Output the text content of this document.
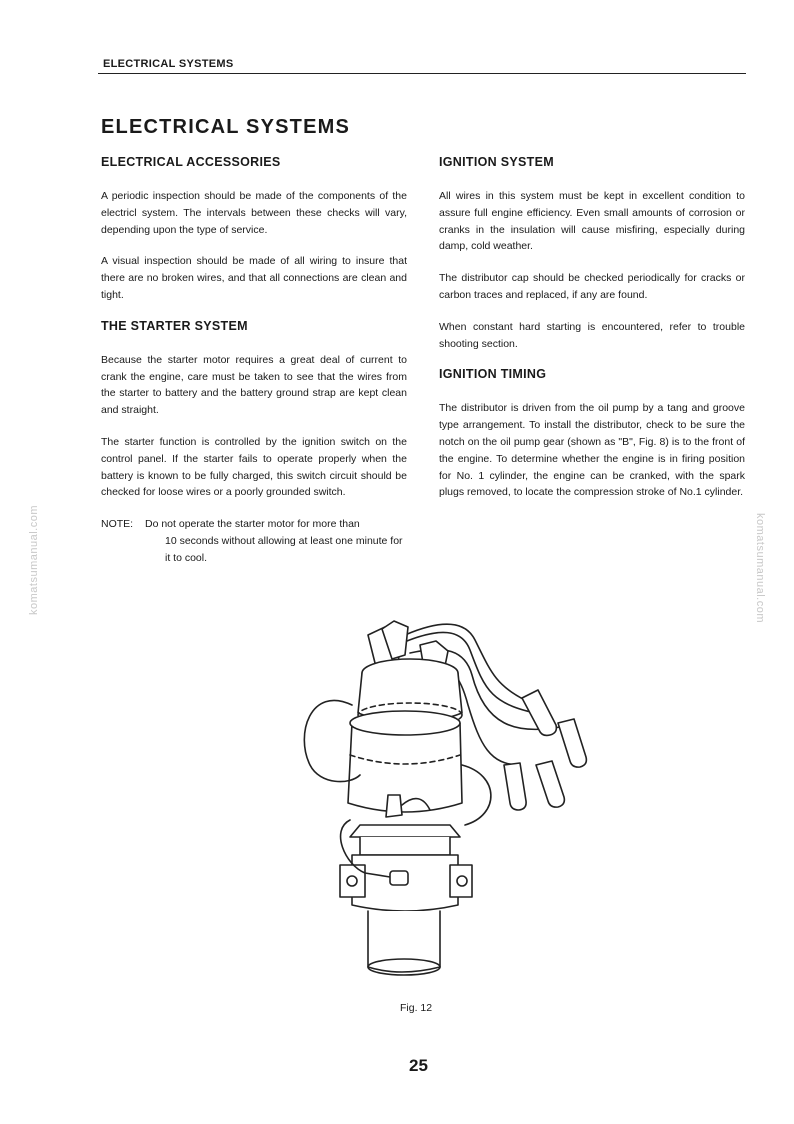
ELECTRICAL SYSTEMS
ELECTRICAL SYSTEMS
ELECTRICAL ACCESSORIES

A periodic inspection should be made of the components of the electricl system. The intervals between these checks will vary, depending upon the type of service.

A visual inspection should be made of all wiring to insure that there are no broken wires, and that all connections are clean and tight.

THE STARTER SYSTEM

Because the starter motor requires a great deal of current to crank the engine, care must be taken to see that the wires from the starter to battery and the battery ground strap are kept clean and straight.

The starter function is controlled by the ignition switch on the control panel. If the starter fails to operate properly when the battery is known to be fully charged, this switch circuit should be checked for loose wires or a poorly grounded switch.

NOTE:	Do not operate the starter motor for more than
10 seconds without allowing at least one minute for it to cool.
IGNITION SYSTEM

All wires in this system must be kept in excellent condition to assure full engine efficiency. Even small amounts of corrosion or cranks in the insulation will cause misfiring, especially during damp, cold weather.

The distributor cap should be checked periodically for cracks or carbon traces and replaced, if any are found.

When constant hard starting is encountered, refer to trouble shooting section.

IGNITION TIMING

The distributor is driven from the oil pump by a tang and groove type arrangement. To install the distributor, check to be sure the notch on the oil pump gear (shown as "B", Fig. 8) is to the front of the engine. To determine whether the engine is in firing position for No. 1 cylinder, the engine can be cranked, with the spark plugs removed, to locate the compression stroke of No.1 cylinder.

komatsumanual.com	komatsumanual.com
Fig. 12
25
